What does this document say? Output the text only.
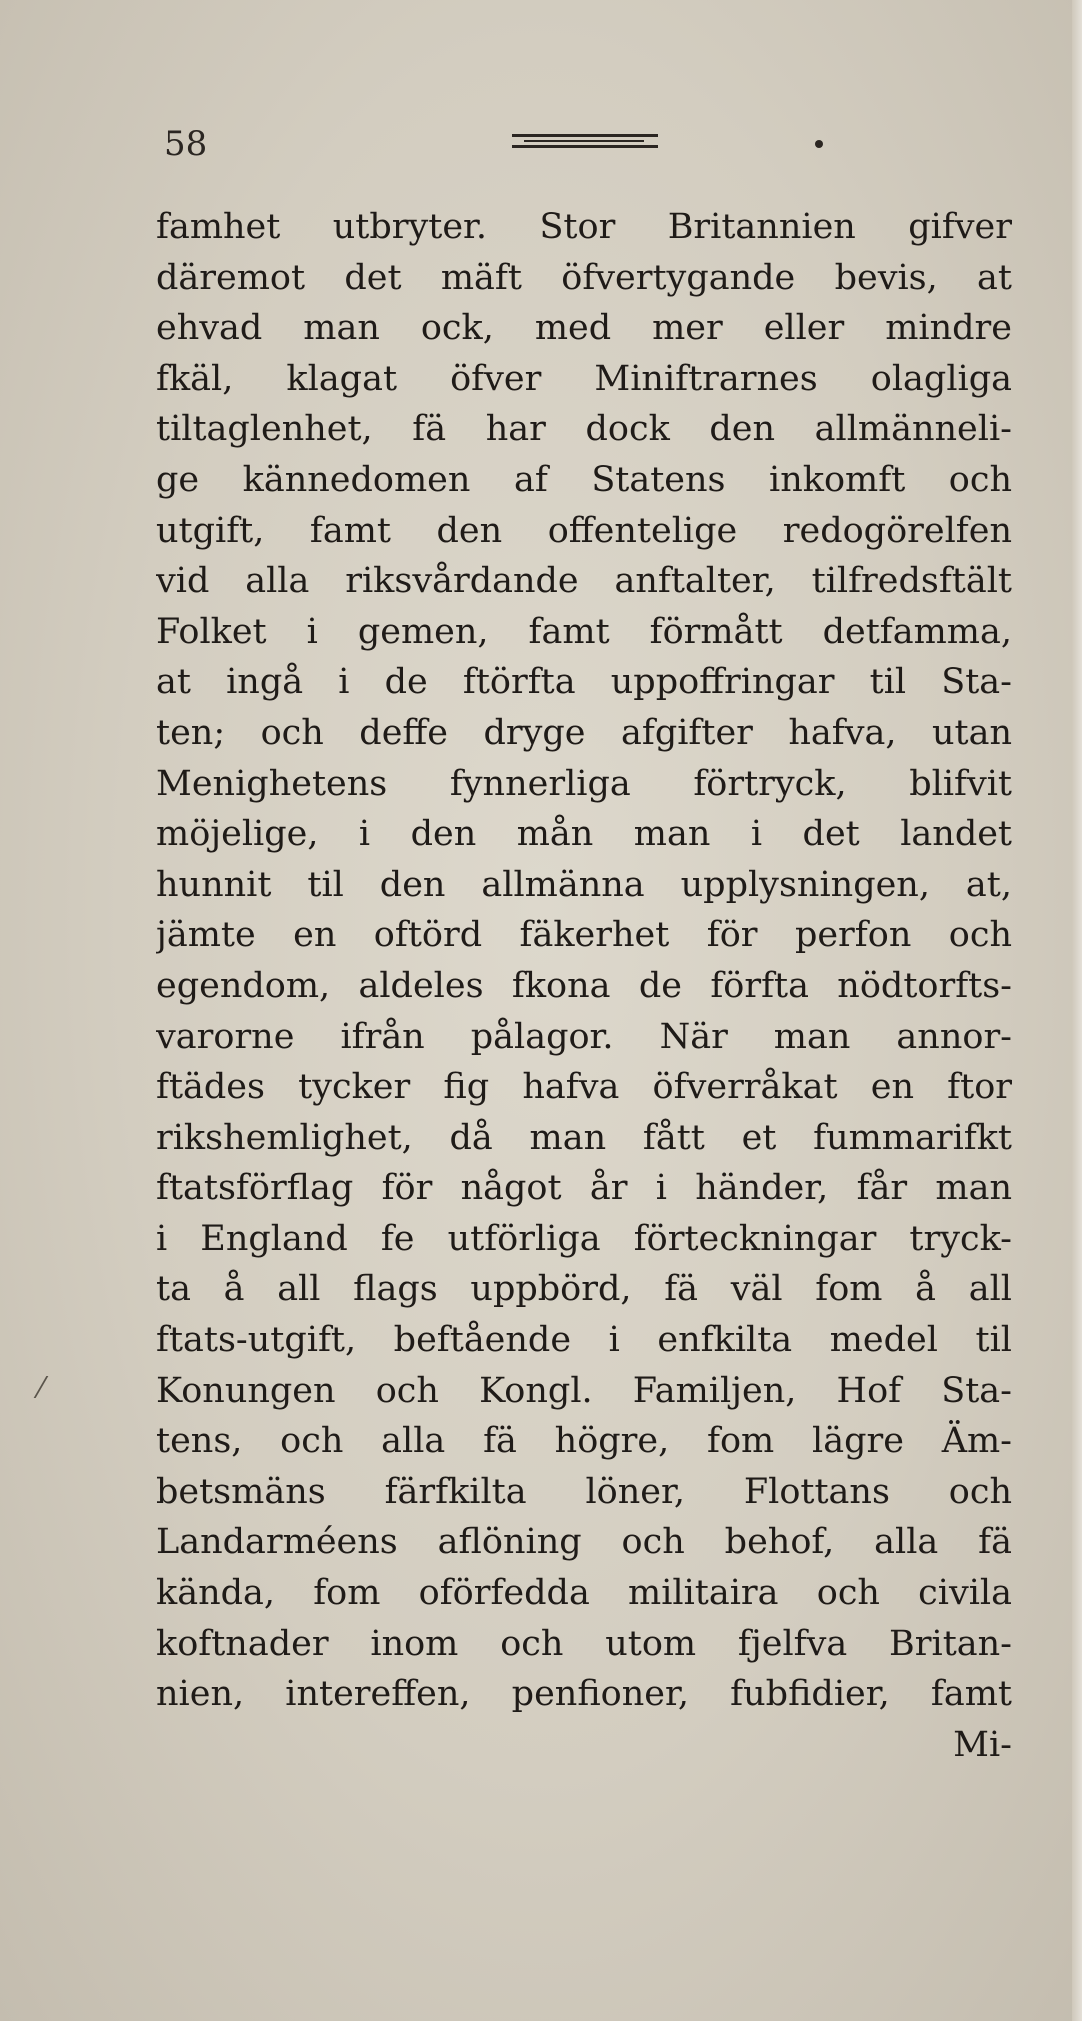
58
famhet utbryter. Stor Britannien gifver
däremot det mäft öfvertygande bevis, at
ehvad man ock, med mer eller mindre
fkäl, klagat öfver Miniftrarnes olagliga
tiltaglenhet, fä har dock den allmänneli-
ge kännedomen af Statens inkomft och
utgift, famt den offentelige redogörelfen
vid alla riksvårdande anftalter, tilfredsftält
Folket i gemen, famt förmått detfamma,
at ingå i de ftörfta uppoffringar til Sta-
ten; och deffe dryge afgifter hafva, utan
Menighetens fynnerliga förtryck, blifvit
möjelige, i den mån man i det landet
hunnit til den allmänna upplysningen, at,
jämte en oftörd fäkerhet för perfon och
egendom, aldeles fkona de förfta nödtorfts-
varorne ifrån pålagor. När man annor-
ftädes tycker fig hafva öfverråkat en ftor
rikshemlighet, då man fått et fummarifkt
ftatsförflag för något år i händer, får man
i England fe utförliga förteckningar tryck-
ta å all flags uppbörd, fä väl fom å all
ftats-utgift, beftående i enfkilta medel til
Konungen och Kongl. Familjen, Hof Sta-
tens, och alla fä högre, fom lägre Äm-
betsmäns färfkilta löner, Flottans och
Landarméens aflöning och behof, alla fä
kända, fom oförfedda militaira och civila
koftnader inom och utom fjelfva Britan-
nien, intereffen, penfioner, fubfidier, famt
Mi-
